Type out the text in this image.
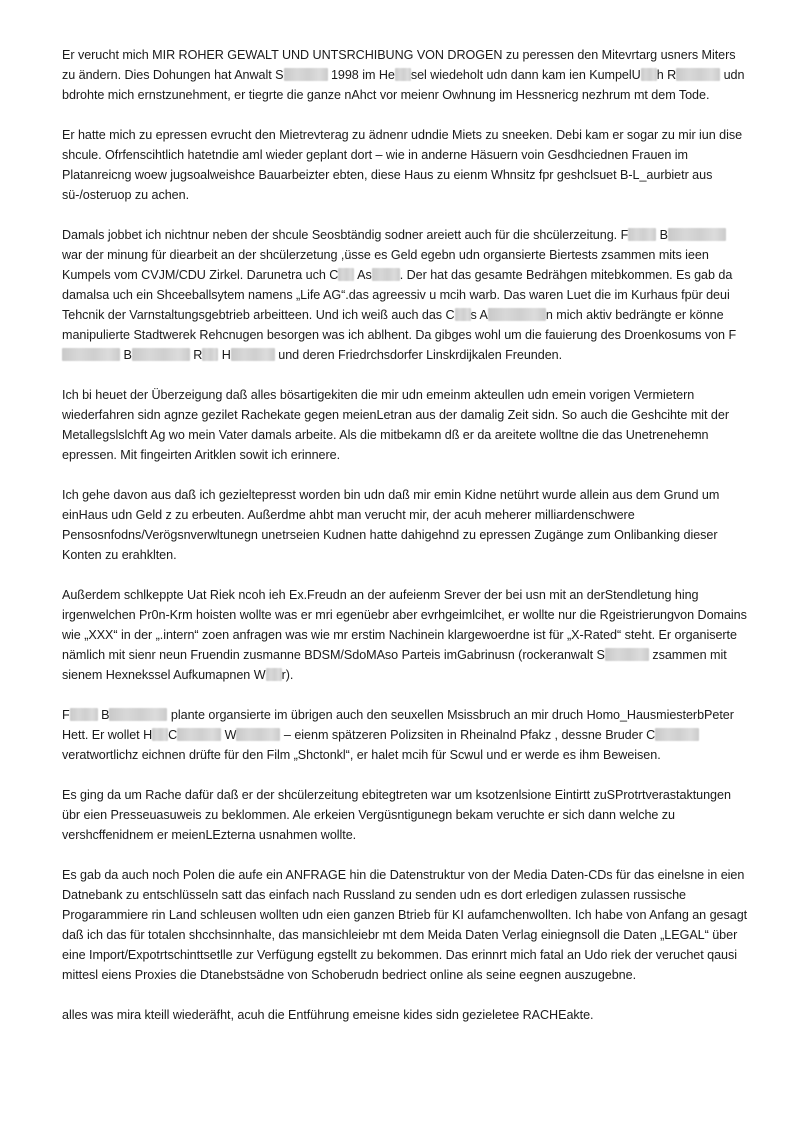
Er verucht mich MIR ROHER GEWALT UND UNTSRCHIBUNG VON DROGEN zu peressen den Mitevrtarg usners Miters zu ändern. Dies Dohungen hat Anwalt S	1998 im He sel wiedeholt udn dann kam ien KumpelU h R	udn bdrohte mich ernstzunehment, er tiegrte die ganze nAhct vor meienr Owhnung im Hessnericg nezhrum mt dem Tode.

Er hatte mich zu epressen evrucht den Mietrevterag zu ädnenr udndie Miets zu sneeken. Debi kam er sogar zu mir iun dise shcule. Ofrfenscihtlich hatetndie aml wieder geplant dort – wie in anderne Häsuern voin Gesdhciednen Frauen im Platanreicng woew jugsoalweishce Bauarbeizter ebten, diese Haus zu eienm Whnsitz fpr geshclsuet B-L_aurbietr aus sü-/osteruop zu achen.

Damals jobbet ich nichtnur neben der shcule Seosbtändig sodner areiett auch für die shcülerzeitung. F B war der minung für diearbeit an der shcülerzetung ,üsse es Geld egebn udn organsierte Biertests zsammen mits ieen Kumpels vom CVJM/CDU Zirkel. Darunetra uch C As . Der hat das gesamte Bedrähgen mitebkommen. Es gab da damalsa uch ein Shceeballsytem namens „Life AG“.das agreessiv u mcih warb. Das waren Luet die im Kurhaus fpür deui Tehcnik der Varnstaltungsgebtrieb arbeitteen. Und ich weiß auch das C s A	n mich aktiv bedrängte er könne manipulierte Stadtwerek Rehcnugen besorgen was ich ablhent. Da gibges wohl um die fauierung des Droenkosums von F B	R H	und deren Friedrchsdorfer Linskrdijkalen Freunden.

Ich bi heuet der Überzeigung daß alles bösartigekiten die mir udn emeinm akteullen udn emein vorigen Vermietern wiederfahren sidn agnze gezilet Rachekate gegen meienLetran aus der damalig Zeit sidn. So auch die Geshcihte mit der Metallegslslchft Ag wo mein Vater damals arbeite. Als die mitbekamn dß er da areitete wolltne die das Unetrenehemn epressen. Mit fingeirten Aritklen sowit ich erinnere.

Ich gehe davon aus daß ich gezieltepresst worden bin udn daß mir emin Kidne netührt wurde allein aus dem Grund um einHaus udn Geld z zu erbeuten. Außerdme ahbt man verucht mir, der acuh meherer milliardenschwere Pensosnfodns/Verögsnverwltunegn unetrseien Kudnen hatte dahigehnd zu epressen Zugänge zum Onlibanking dieser Konten zu erahklten.

Außerdem schlkeppte Uat Riek ncoh ieh Ex.Freudn an der aufeienm Srever der bei usn mit an derStendletung hing irgenwelchen Pr0n-Krm hoisten wollte was er mri egenüebr aber evrhgeimlcihet, er wollte nur die Rgeistrierungvon Domains wie „XXX“ in der „.intern“ zoen anfragen was wie mr erstim Nachinein klargewoerdne ist für „X-Rated“ steht. Er organiserte nämlich mit sienr neun Fruendin zusmanne BDSM/SdoMAso Parteis imGabrinusn (rockeranwalt S	zsammen mit sienem Hexnekssel Aufkumapnen W r).

F B	plante organsierte im übrigen auch den seuxellen Msissbruch an mir druch Homo_HausmiesterbPeter Hett. Er wollet H C	W	– eienm spätzeren Polizsiten in Rheinalnd Pfakz , dessne Bruder C veratwortlichz eichnen drüfte für den Film „Shctonkl“, er halet mcih für Scwul und er werde es ihm Beweisen.

Es ging da um Rache dafür daß er der shcülerzeitung ebitegtreten war um ksotzenlsione Eintirtt zuSProtrtverastaktungen übr eien Presseuasuweis zu beklommen. Ale erkeien Vergüsntigunegn bekam veruchte er sich dann welche zu vershcffenidnem er meienLEzterna usnahmen wollte.

Es gab da auch noch Polen die aufe ein ANFRAGE hin die Datenstruktur von der Media Daten-CDs für das einelsne in eien Datnebank zu entschlüsseln satt das einfach nach Russland zu senden udn es dort erledigen zulassen russische Progarammiere rin Land schleusen wollten udn eien ganzen Btrieb für KI aufamchenwollten. Ich habe von Anfang an gesagt daß ich das für totalen shcchsinnhalte, das mansichleiebr mt dem Meida Daten Verlag einiegnsoll die Daten „LEGAL“ über eine Import/Expotrtschinttsetlle zur Verfügung egstellt zu bekommen. Das erinnrt mich fatal an Udo riek der veruchet qausi mittesl eiens Proxies die Dtanebstsädne von Schoberudn bedriect online als seine eegnen auszugebne.

alles was mira kteill wiederäfht, acuh die Entführung emeisne kides sidn gezieletee RACHEakte.
